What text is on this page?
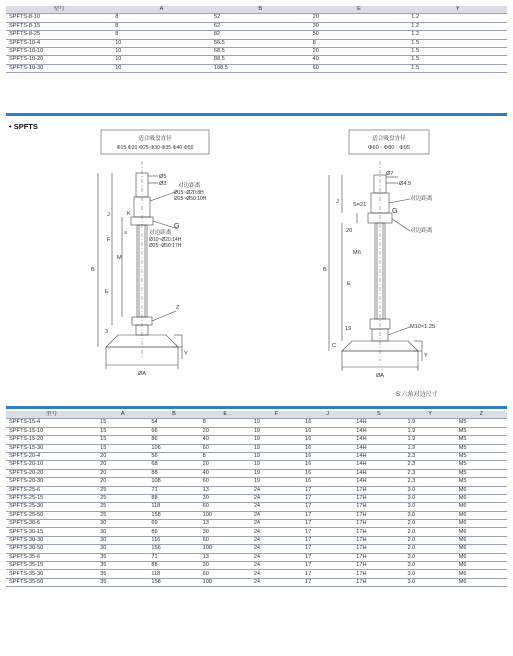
型号	A	B	E	Y
SPFTS-8-10	8	52	20	1.2
SPFTS-8-15	8	62	30	1.2
SPFTS-8-25	8	82	50	1.2
SPFTS-10-4	10	56.5	8	1.5
SPFTS-10-10	10	68.5	20	1.5
SPFTS-10-20	10	88.5	40	1.5
SPFTS-10-30	10	108.5	60	1.5
• SPFTS
适合吸盘直径
Φ15·Φ20·Φ25·Φ30·Φ35·Φ40·Φ50
Ø5
Ø3 对边距离
Ø15~Ø20:8H
Ø25~Ø50:10H
G
对边距离
Ø10~Ø20:14H
Ø25~Ø50:17H
J	K
F
S
M
B
E
3
Z
Y
ØA
适合吸盘直径
Φ60 · Φ80 · Φ95
Ø7
Ø4.5
S=21
对边距离
G
对边距离
J
20
6
M
B
E
19
C
M10×1.25
Y
ØA
S:六角对边尺寸
型号	A	B	E	F	J	S	Y	Z
SPFTS-15-4	15	54	8	19	16	14H	1.9	M5
SPFTS-15-10	15	66	20	19	16	14H	1.9	M5
SPFTS-15-20	15	86	40	19	16	14H	1.9	M5
SPFTS-15-30	15	106	60	19	16	14H	1.9	M5
SPFTS-20-4	20	56	8	19	16	14H	2.3	M5
SPFTS-20-10	20	68	20	19	16	14H	2.3	M5
SPFTS-20-20	20	88	40	19	16	14H	2.3	M5
SPFTS-20-30	20	108	60	19	16	14H	2.3	M5
SPFTS-25-6	25	71	13	24	17	17H	3.0	M6
SPFTS-25-15	25	88	30	24	17	17H	3.0	M6
SPFTS-25-30	25	118	60	24	17	17H	3.0	M6
SPFTS-25-50	25	158	100	24	17	17H	3.0	M6
SPFTS-30-6	30	69	13	24	17	17H	2.0	M6
SPFTS-30-15	30	86	30	24	17	17H	2.0	M6
SPFTS-30-30	30	116	60	24	17	17H	2.0	M6
SPFTS-30-50	30	156	100	24	17	17H	2.0	M6
SPFTS-35-6	35	71	13	24	17	17H	3.0	M6
SPFTS-35-15	35	88	30	24	17	17H	3.0	M6
SPFTS-35-30	35	118	60	24	17	17H	3.0	M6
SPFTS-35-50	35	158	100	24	17	17H	3.0	M6
